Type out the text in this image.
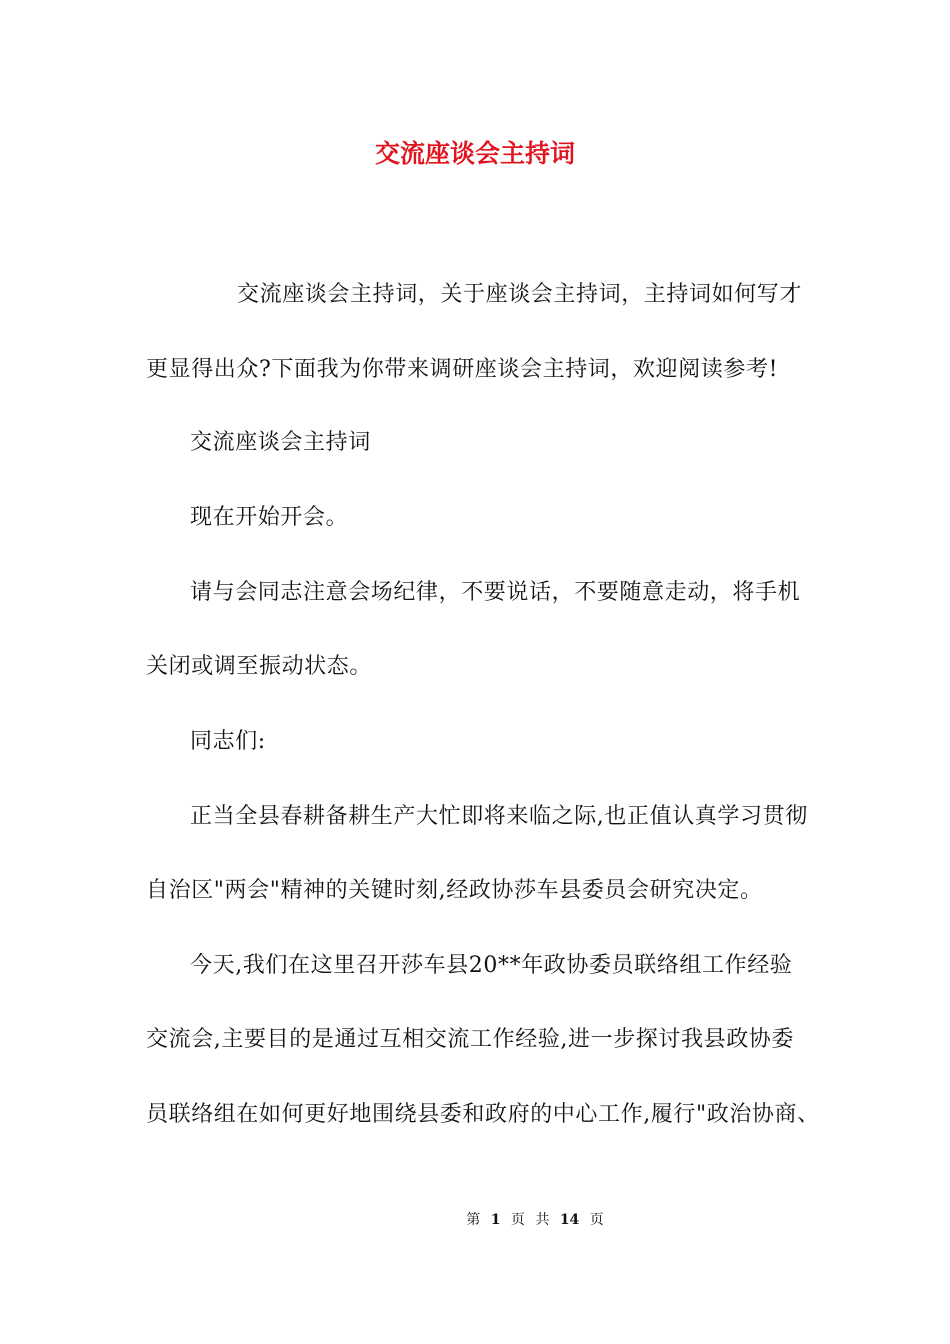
交流座谈会主持词
交流座谈会主持词，关于座谈会主持词，主持词如何写才
更显得出众?下面我为你带来调研座谈会主持词，欢迎阅读参考!
交流座谈会主持词
现在开始开会。
请与会同志注意会场纪律，不要说话，不要随意走动，将手机
关闭或调至振动状态。
同志们:
正当全县春耕备耕生产大忙即将来临之际,也正值认真学习贯彻
自治区"两会"精神的关键时刻,经政协莎车县委员会研究决定。
今天,我们在这里召开莎车县20**年政协委员联络组工作经验
交流会,主要目的是通过互相交流工作经验,进一步探讨我县政协委
员联络组在如何更好地围绕县委和政府的中心工作,履行"政治协商、
第 1 页 共 14 页
